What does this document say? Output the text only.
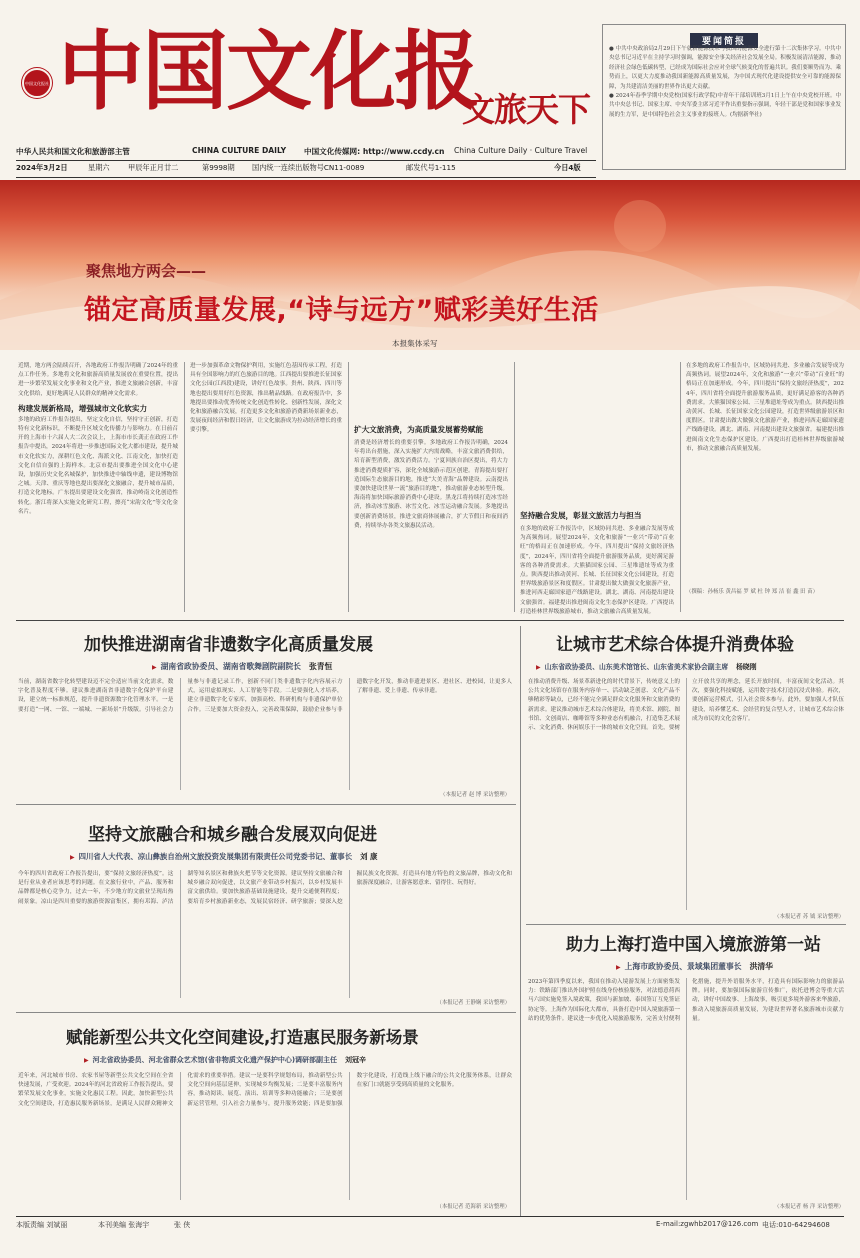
中国文化报
中国文化报社
文旅天下
要闻简报
● 中共中央政治局2月29日下午就新能源技术与我国的能源安全进行第十二次集体学习。中共中央总书记习近平在主持学习时强调，能源安全事关经济社会发展全局。积极发展清洁能源，推动经济社会绿色低碳转型，已经成为国际社会应对全球气候变化的普遍共识。我们要顺势而为、乘势而上，以更大力度推动我国新能源高质量发展，为中国式现代化建设提供安全可靠的能源保障，为共建清洁美丽的世界作出更大贡献。
● 2024年春季学期中央党校(国家行政学院)中青年干部培训班3月1日上午在中央党校开班。中共中央总书记、国家主席、中央军委主席习近平作出重要指示强调，年轻干部是党和国家事业发展的生力军，是中国特色社会主义事业的接班人。(均据新华社)
中华人民共和国文化和旅游部主管	CHINA CULTURE DAILY 中国文化传媒网: http://www.ccdy.cn China Culture Daily · Culture Travel
2024年3月2日	星期六	甲辰年正月廿二	第9998期 国内统一连续出版物号CN11-0089	邮发代号1-115	今日4版
聚焦地方两会——
锚定高质量发展,“诗与远方”赋彩美好生活
本报集体采写
近期，地方两会陆续召开，各地政府工作报告明确了2024年的重点工作任务。多地将文化和旅游高质量发展放在重要位置，提出进一步繁荣发展文化事业和文化产业，推进文旅融合创新，丰富文化供给，更好地满足人民群众的精神文化需求。
构建发展新格局，增强城市文化软实力
多地的政府工作报告提出，坚定文化自信，坚持守正创新，打造特有文化新标识，不断提升区域文化传播力与影响力。在日前召开的上海市十六届人大二次会议上，上海市市长龚正在政府工作报告中提出，2024年将进一步推进国际文化大都市建设，提升城市文化软实力，深耕红色文化、海派文化、江南文化，加快打造文化自信自强的上海样本。北京市提出要推进全国文化中心建设，加强历史文化名城保护，加快推进中轴线申遗，建设博物馆之城。天津、重庆等地也提出要深化文旅融合，提升城市品质，打造文化地标。广东提出要建设文化强省，推动岭南文化创造性转化。浙江将深入实施文化研究工程，擦亮“宋韵文化”等文化金名片。
进一步加强革命文物保护利用，实施红色基因传承工程，打造具有全国影响力的红色旅游目的地。江西提出要推进长征国家文化公园(江西段)建设，讲好红色故事。贵州、陕西、四川等地也提出要用好红色资源，推出精品线路。在政府报告中，多地提出要推动优秀传统文化创造性转化、创新性发展，深化文化和旅游融合发展，打造更多文化和旅游消费新场景新业态，发展夜间经济和假日经济，让文化旅游成为拉动经济增长的重要引擎。	扩大文旅消费，为高质量发展蓄势赋能
消费是经济增长的重要引擎。多地政府工作报告明确，2024年将出台措施，深入实施扩大内需战略，丰富文旅消费供给，培育新型消费，激发消费活力。宁夏回族自治区提出，将大力推进消费提质扩容，深化全域旅游示范区创建。青海提出要打造国际生态旅游目的地，推进“大美青海”品牌建设。云南提出要加快建设世界一流“旅游目的地”，推动旅游业态转型升级。海南将加快国际旅游消费中心建设。黑龙江将持续打造冰雪经济，推动冰雪旅游、冰雪文化、冰雪运动融合发展。多地提出要创新消费场景，推进文旅商体展融合，扩大节假日和夜间消费，持续举办各类文旅惠民活动。
坚持融合发展，彰显文旅活力与担当
在多地的政府工作报告中，区域协同共进、多业融合发展等成为高频热词。展望2024年，文化和旅游“一业兴”带动“百业旺”的格局正在加速形成。今年，四川提出“保持文旅经济热度”，2024年，四川省将全面提升旅游服务品质，更好满足游客的各种消费需求。大熊猫国家公园、三星堆遗址等成为重点。陕西提出推动黄河、长城、长征国家文化公园建设，打造世界级旅游景区和度假区。甘肃提出做大做强文化旅游产业，推进河西走廊国家遗产线路建设。湖北、湖南、河南提出建设文旅强省。福建提出推进闽南文化生态保护区建设。广西提出打造桂林世界级旅游城市，推动文旅融合高质量发展。
在多地的政府工作报告中，区域协同共进、多业融合发展等成为高频热词。展望2024年，文化和旅游“一业兴”带动“百业旺”的格局正在加速形成。今年，四川提出“保持文旅经济热度”，2024年，四川省将全面提升旅游服务品质，更好满足游客的各种消费需求。大熊猫国家公园、三星堆遗址等成为重点。陕西提出推动黄河、长城、长征国家文化公园建设，打造世界级旅游景区和度假区。甘肃提出做大做强文化旅游产业，推进河西走廊国家遗产线路建设。湖北、湖南、河南提出建设文旅强省。福建提出推进闽南文化生态保护区建设。广西提出打造桂林世界级旅游城市，推动文旅融合高质量发展。
（撰稿：孙杨乐 黄昌福 罗 斌 杜 钟 郑 洁 崔 鑫 田 苗）
加快推进湖南省非遗数字化高质量发展
▶ 湖南省政协委员、湖南省歌舞剧院副院长 张青恒
当前，湖南省数字化转型建设迈不完全适应当前文化需求，数字化普及程度不够。建议推进湖南省非遗数字化保护平台建设，建立统一标准规范，提升非遗资源数字化管理水平。一是要打造“一网、一馆、一端城、一新场景”升级版。引导社会力量参与非遗记录工作，创新不同门类非遗数字化内容展示方式，运用虚拟现实、人工智能等手段。二是要强化人才培养，建立非遗数字化专家库，加强高校、科研机构与非遗保护单位合作。三是要加大资金投入，完善政策保障，鼓励企业参与非遗数字化开发，推动非遗进景区、进社区、进校园，让更多人了解非遗、爱上非遗、传承非遗。
（本报记者 赵 博 采访整理）
坚持文旅融合和城乡融合发展双向促进
▶ 四川省人大代表、凉山彝族自治州文旅投资发展集团有限责任公司党委书记、董事长 刘 康
今年的四川省政府工作报告提出，要“保持文旅经济热度”。这是行业从业者应该思考的问题。在文旅行业中，产品、服务和品牌都是核心竞争力，过去一年，不少地方的文旅业呈现出热闹景象。凉山是四川重要的旅游资源富集区，拥有邛海、泸沽湖等知名景区和彝族火把节等文化资源。建议坚持文旅融合和城乡融合双向促进，以文旅产业带动乡村振兴，以乡村发展丰富文旅供给。要加快旅游基础设施建设，提升交通便利程度；要培育乡村旅游新业态，发展民宿经济、研学旅游；要深入挖掘民族文化资源，打造具有地方特色的文旅品牌，推动文化和旅游深度融合，让游客愿意来、留得住、玩得好。
（本报记者 王静娴 采访整理）
赋能新型公共文化空间建设,打造惠民服务新场景
▶ 河北省政协委员、河北省群众艺术馆(省非物质文化遗产保护中心)调研部副主任 刘冠辛
近年来，河北城市书房、农家书屋等新型公共文化空间在全省快速发展，广受欢迎。2024年的河北省政府工作报告提出，要繁荣发展文化事业，实施文化惠民工程。因此，加快新型公共文化空间建设，打造惠民服务新场景，是满足人民群众精神文化需求的重要举措。建议一是要科学规划布局，推动新型公共文化空间向基层延伸，实现城乡均衡发展；二是要丰富服务内容，推动阅读、展览、演出、培训等多种功能融合；三是要创新运营管理，引入社会力量参与，提升服务效能；四是要加强数字化建设，打造线上线下融合的公共文化服务体系，让群众在家门口就能享受到高质量的文化服务。
（本报记者 范海新 采访整理）
让城市艺术综合体提升消费体验
▶ 山东省政协委员、山东美术馆馆长、山东省美术家协会副主席 杨晓刚
在推动消费升级、场景革新进化的时代背景下，传统意义上的公共文化场馆存在服务内容单一、活动缺乏创意、文化产品不够精彩等缺点，已经不能完全满足群众文化服务和文旅消费的新需求。建议推动城市艺术综合体建设，将美术馆、剧院、图书馆、文创商店、咖啡馆等多种业态有机融合，打造集艺术展示、文化消费、休闲娱乐于一体的城市文化空间。首先，要树立开放共享的理念，延长开放时间，丰富夜间文化活动。其次，要强化科技赋能，运用数字技术打造沉浸式体验。再次，要创新运营模式，引入社会资本参与。此外，要加强人才队伍建设，培养懂艺术、会经营的复合型人才，让城市艺术综合体成为市民的文化会客厅。
（本报记者 苏 钺 采访整理）
助力上海打造中国入境旅游第一站
▶ 上海市政协委员、景域集团董事长 洪清华
2023年第四季度以来，我国在推动入境游发展上方面密集发力：铁路部门推出外国护照在线身份核验服务，对法德意荷西马六国实施免签入境政策，我国与新加坡、泰国签订互免签证协定等。上海作为国际化大都市，具备打造中国入境旅游第一站的优势条件。建议进一步优化入境旅游服务，完善支付便利化措施，提升外语服务水平，打造具有国际影响力的旅游品牌。同时，要加强国际旅游宣传推广，依托进博会等重大活动，讲好中国故事、上海故事，吸引更多境外游客来华旅游，推动入境旅游高质量发展，为建设世界著名旅游城市贡献力量。
（本报记者 杨 洋 采访整理）
本版责编 刘斌丽	本刊美编 张海宇	张 侠	E-mail:zgwhb2017@126.com 电话:010-64294608
